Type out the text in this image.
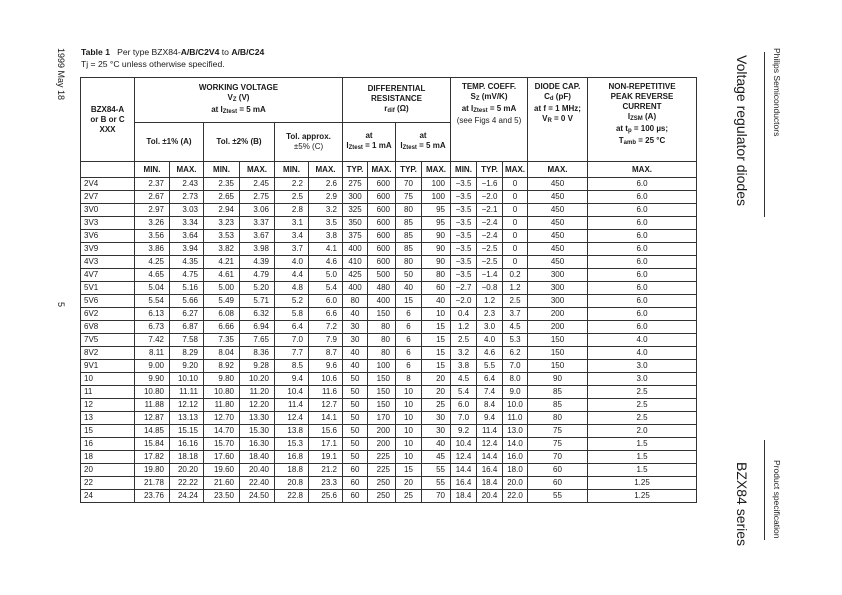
1999 May 18
5
Philips Semiconductors
Product specification
Voltage regulator diodes
BZX84 series
Table 1 Per type BZX84-A/B/C2V4 to A/B/C24
Tj = 25 °C unless otherwise specified.
BZX84-A
or B or C
XXX	WORKING VOLTAGE
$V_Z$ (V)
at $I_{Ztest} = 5$ mA	DIFFERENTIAL
RESISTANCE
$r_{dif}$ (Ω)	TEMP. COEFF.
$S_Z$ (mV/K)
at $I_{Ztest} = 5$ mA
(see Figs 4 and 5)	DIODE CAP.
$C_d$ (pF)
at f = 1 MHz;
$V_R = 0$ V	NON-REPETITIVE
PEAK REVERSE
CURRENT
$I_{ZSM}$ (A)
at $t_p = 100$ µs;
$T_{amb} = 25$ °C
	Tol. ±1% (A)		Tol. ±2% (B)		Tol. approx.
±5% (C)		at
$I_{Ztest} = 1$ mA		at
$I_{Ztest} = 5$ mA						
	MIN.	MAX.	MIN.	MAX.	MIN.	MAX.	TYP.	MAX.	TYP.	MAX.	MIN.	TYP.	MAX.	MAX.	MAX.
2V4	2.37	2.43	2.35	2.45	2.2	2.6	275	600	70	100	−3.5	−1.6	0	450	6.0
2V7	2.67	2.73	2.65	2.75	2.5	2.9	300	600	75	100	−3.5	−2.0	0	450	6.0
3V0	2.97	3.03	2.94	3.06	2.8	3.2	325	600	80	95	−3.5	−2.1	0	450	6.0
3V3	3.26	3.34	3.23	3.37	3.1	3.5	350	600	85	95	−3.5	−2.4	0	450	6.0
3V6	3.56	3.64	3.53	3.67	3.4	3.8	375	600	85	90	−3.5	−2.4	0	450	6.0
3V9	3.86	3.94	3.82	3.98	3.7	4.1	400	600	85	90	−3.5	−2.5	0	450	6.0
4V3	4.25	4.35	4.21	4.39	4.0	4.6	410	600	80	90	−3.5	−2.5	0	450	6.0
4V7	4.65	4.75	4.61	4.79	4.4	5.0	425	500	50	80	−3.5	−1.4	0.2	300	6.0
5V1	5.04	5.16	5.00	5.20	4.8	5.4	400	480	40	60	−2.7	−0.8	1.2	300	6.0
5V6	5.54	5.66	5.49	5.71	5.2	6.0	80	400	15	40	−2.0	1.2	2.5	300	6.0
6V2	6.13	6.27	6.08	6.32	5.8	6.6	40	150	6	10	0.4	2.3	3.7	200	6.0
6V8	6.73	6.87	6.66	6.94	6.4	7.2	30	80	6	15	1.2	3.0	4.5	200	6.0
7V5	7.42	7.58	7.35	7.65	7.0	7.9	30	80	6	15	2.5	4.0	5.3	150	4.0
8V2	8.11	8.29	8.04	8.36	7.7	8.7	40	80	6	15	3.2	4.6	6.2	150	4.0
9V1	9.00	9.20	8.92	9.28	8.5	9.6	40	100	6	15	3.8	5.5	7.0	150	3.0
10	9.90	10.10	9.80	10.20	9.4	10.6	50	150	8	20	4.5	6.4	8.0	90	3.0
11	10.80	11.11	10.80	11.20	10.4	11.6	50	150	10	20	5.4	7.4	9.0	85	2.5
12	11.88	12.12	11.80	12.20	11.4	12.7	50	150	10	25	6.0	8.4	10.0	85	2.5
13	12.87	13.13	12.70	13.30	12.4	14.1	50	170	10	30	7.0	9.4	11.0	80	2.5
15	14.85	15.15	14.70	15.30	13.8	15.6	50	200	10	30	9.2	11.4	13.0	75	2.0
16	15.84	16.16	15.70	16.30	15.3	17.1	50	200	10	40	10.4	12.4	14.0	75	1.5
18	17.82	18.18	17.60	18.40	16.8	19.1	50	225	10	45	12.4	14.4	16.0	70	1.5
20	19.80	20.20	19.60	20.40	18.8	21.2	60	225	15	55	14.4	16.4	18.0	60	1.5
22	21.78	22.22	21.60	22.40	20.8	23.3	60	250	20	55	16.4	18.4	20.0	60	1.25
24	23.76	24.24	23.50	24.50	22.8	25.6	60	250	25	70	18.4	20.4	22.0	55	1.25
